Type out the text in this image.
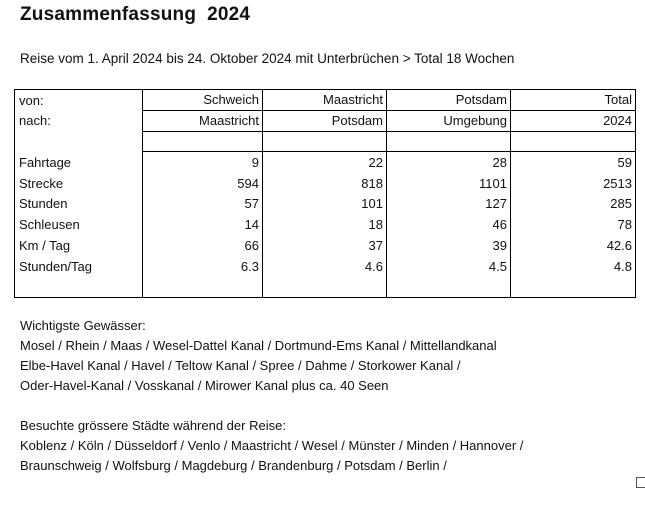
Zusammenfassung  2024
Reise vom 1. April 2024 bis 24. Oktober 2024 mit Unterbrüchen > Total 18 Wochen
von:	Schweich	Maastricht	Potsdam	Total
nach:	Maastricht	Potsdam	Umgebung	2024

Fahrtage	9	22	28	59
Strecke	594	818	1101	2513
Stunden	57	101	127	285
Schleusen	14	18	46	78
Km / Tag	66	37	39	42.6
Stunden/Tag	6.3	4.6	4.5	4.8

Wichtigste Gewässer:

Mosel / Rhein / Maas / Wesel-Dattel Kanal / Dortmund-Ems Kanal / Mittellandkanal

Elbe-Havel Kanal / Havel / Teltow Kanal / Spree / Dahme / Storkower Kanal /

Oder-Havel-Kanal / Vosskanal / Mirower Kanal plus ca. 40 Seen

Besuchte grössere Städte während der Reise:

Koblenz / Köln / Düsseldorf / Venlo / Maastricht / Wesel / Münster / Minden / Hannover /

Braunschweig / Wolfsburg / Magdeburg / Brandenburg / Potsdam / Berlin /
